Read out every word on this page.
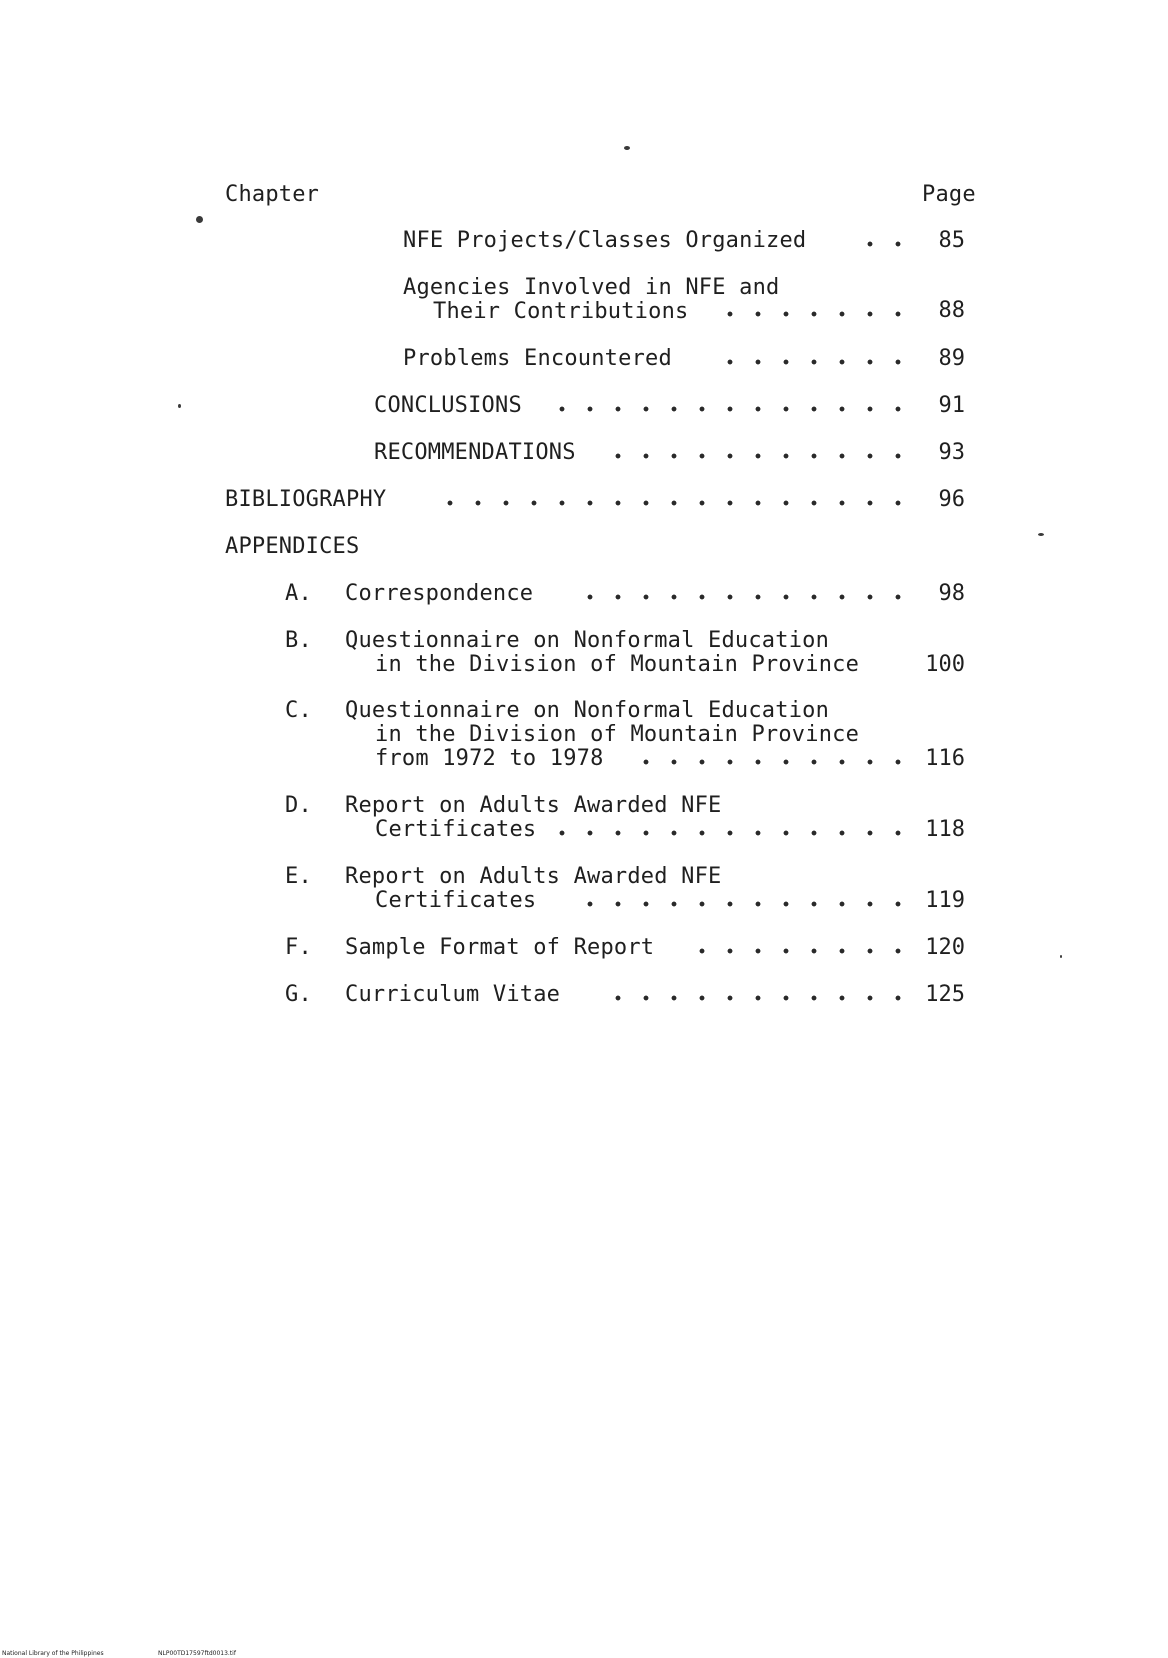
Chapter	Page
NFE Projects/Classes Organized	85
Agencies Involved in NFE and
Their Contributions	88
Problems Encountered	89
CONCLUSIONS	91
RECOMMENDATIONS	93
BIBLIOGRAPHY	96
APPENDICES
A. Correspondence	98
B. Questionnaire on Nonformal Education
in the Division of Mountain Province	100
C. Questionnaire on Nonformal Education
in the Division of Mountain Province
from 1972 to 1978	116
D. Report on Adults Awarded NFE
Certificates	118
E. Report on Adults Awarded NFE
Certificates	119
F. Sample Format of Report	120
G. Curriculum Vitae	125
National Library of the Philippines	NLP00TD17597ftd0013.tif
